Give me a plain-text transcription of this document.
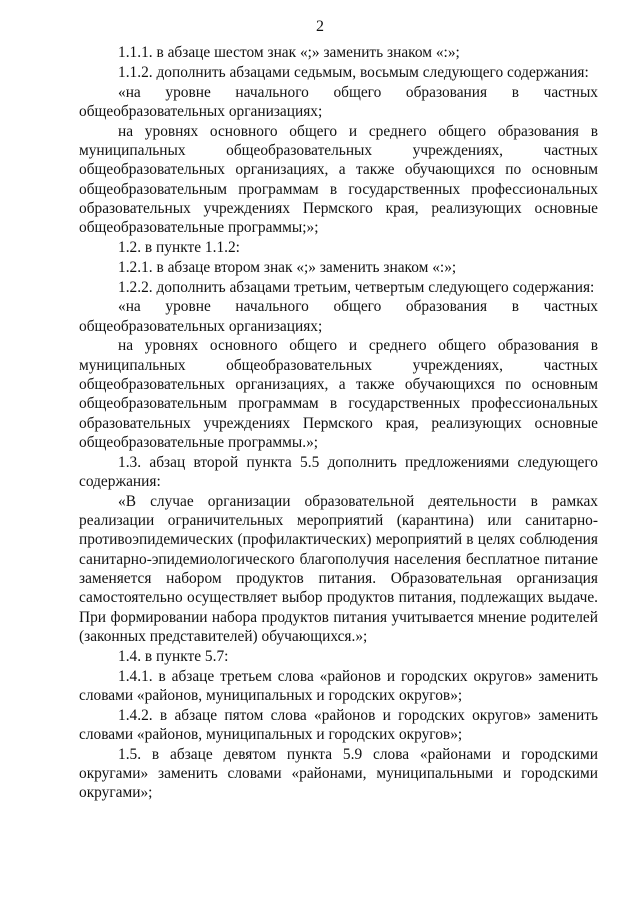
2

1.1.1. в абзаце шестом знак «;» заменить знаком «:»;

1.1.2. дополнить абзацами седьмым, восьмым следующего содержания:

«на уровне начального общего образования в частных общеобразовательных организациях;

на уровнях основного общего и среднего общего образования в муниципальных общеобразовательных учреждениях, частных общеобразовательных организациях, а также обучающихся по основным общеобразовательным программам в государственных профессиональных образовательных учреждениях Пермского края, реализующих основные общеобразовательные программы;»;

1.2. в пункте 1.1.2:

1.2.1. в абзаце втором знак «;» заменить знаком «:»;

1.2.2. дополнить абзацами третьим, четвертым следующего содержания:

«на уровне начального общего образования в частных общеобразовательных организациях;

на уровнях основного общего и среднего общего образования в муниципальных общеобразовательных учреждениях, частных общеобразовательных организациях, а также обучающихся по основным общеобразовательным программам в государственных профессиональных образовательных учреждениях Пермского края, реализующих основные общеобразовательные программы.»;

1.3. абзац второй пункта 5.5 дополнить предложениями следующего содержания:

«В случае организации образовательной деятельности в рамках реализации ограничительных мероприятий (карантина) или санитарно-противоэпидемических (профилактических) мероприятий в целях соблюдения санитарно-эпидемиологического благополучия населения бесплатное питание заменяется набором продуктов питания. Образовательная организация самостоятельно осуществляет выбор продуктов питания, подлежащих выдаче. При формировании набора продуктов питания учитывается мнение родителей (законных представителей) обучающихся.»;

1.4. в пункте 5.7:

1.4.1. в абзаце третьем слова «районов и городских округов» заменить словами «районов, муниципальных и городских округов»;

1.4.2. в абзаце пятом слова «районов и городских округов» заменить словами «районов, муниципальных и городских округов»;

1.5. в абзаце девятом пункта 5.9 слова «районами и городскими округами» заменить словами «районами, муниципальными и городскими округами»;
